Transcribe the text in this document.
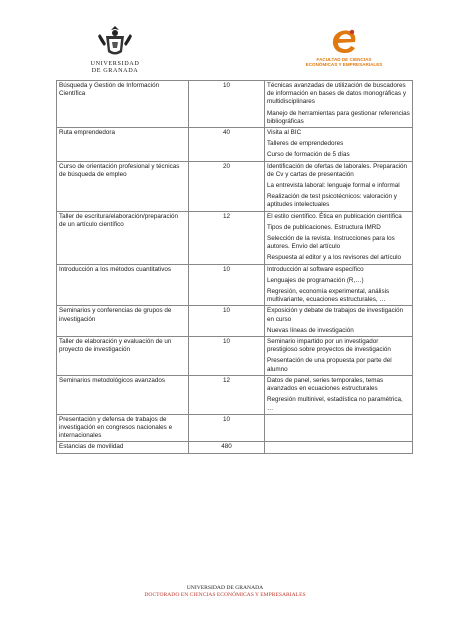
UNIVERSIDAD
DE GRANADA
FACULTAD DE CIENCIAS
ECONÓMICAS Y EMPRESARIALES
Búsqueda y Gestión de Información Científica	10	Técnicas avanzadas de utilización de buscadores de información en bases de datos monográficas y multidisciplinares
Manejo de herramientas para gestionar referencias bibliográficas

Ruta emprendedora	40	Visita al BIC
Talleres de emprendedores
Curso de formación de 5 días

Curso de orientación profesional y técnicas de búsqueda de empleo	20	Identificación de ofertas de laborales. Preparación de Cv y cartas de presentación
La entrevista laboral: lenguaje formal e informal
Realización de test psicotécnicos: valoración y aptitudes intelectuales

Taller de escritura/elaboración/preparación de un artículo científico	12	El estilo científico. Ética en publicación científica
Tipos de publicaciones. Estructura IMRD
Selección de la revista. Instrucciones para los autores. Envío del artículo
Respuesta al editor y a los revisores del artículo

Introducción a los métodos cuantitativos	10	Introducción al software específico
Lenguajes de programación (R,…)
Regresión, economía experimental, análisis multivariante, ecuaciones estructurales, …

Seminarios y conferencias de grupos de investigación	10	Exposición y debate de trabajos de investigación en curso
Nuevas líneas de investigación

Taller de elaboración y evaluación de un proyecto de investigación	10	Seminario impartido por un investigador prestigioso sobre proyectos de investigación
Presentación de una propuesta por parte del alumno

Seminarios metodológicos avanzados	12	Datos de panel, series temporales, temas avanzados en ecuaciones estructurales
Regresión multinivel, estadística no paramétrica, …

Presentación y defensa de trabajos de investigación en congresos nacionales e internacionales	10	

Estancias de movilidad	480	
UNIVERSIDAD DE GRANADA
DOCTORADO EN CIENCIAS ECONÓMICAS Y EMPRESARIALES
